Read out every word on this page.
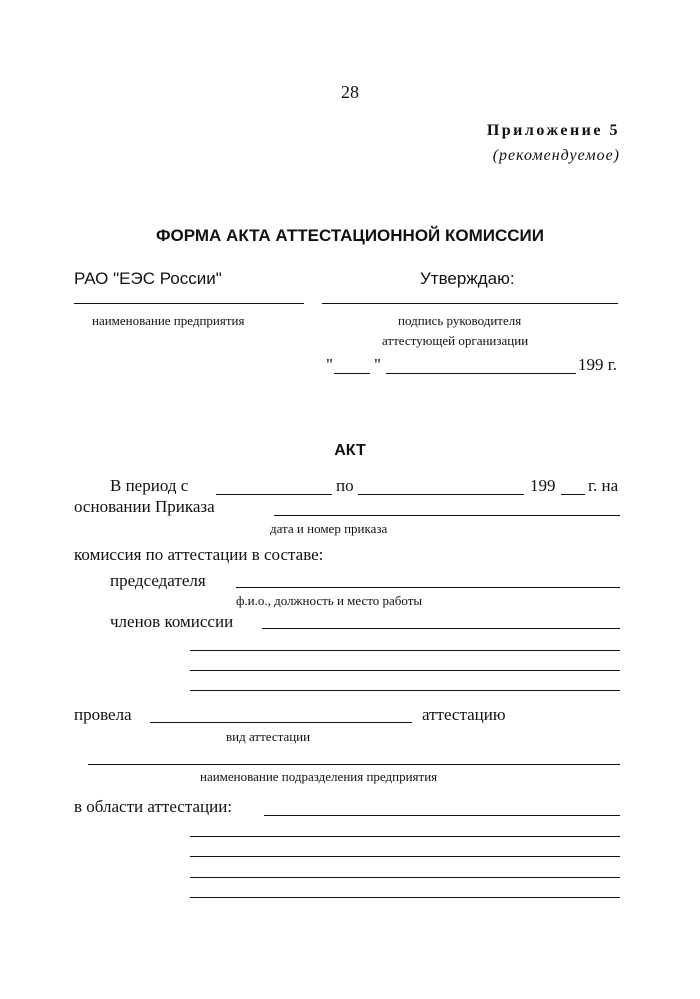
28
Приложение 5
(рекомендуемое)
ФОРМА АКТА АТТЕСТАЦИОННОЙ КОМИССИИ
РАО "ЕЭС России"	Утверждаю:
наименование предприятия	подпись руководителя
аттестующей организации
" "	199 г.
АКТ
В период с	по	199 г. на
основании Приказа
дата и номер приказа
комиссия по аттестации в составе:
председателя
ф.и.о., должность и место работы
членов комиссии
провела	аттестацию
вид аттестации
наименование подразделения предприятия
в области аттестации:
